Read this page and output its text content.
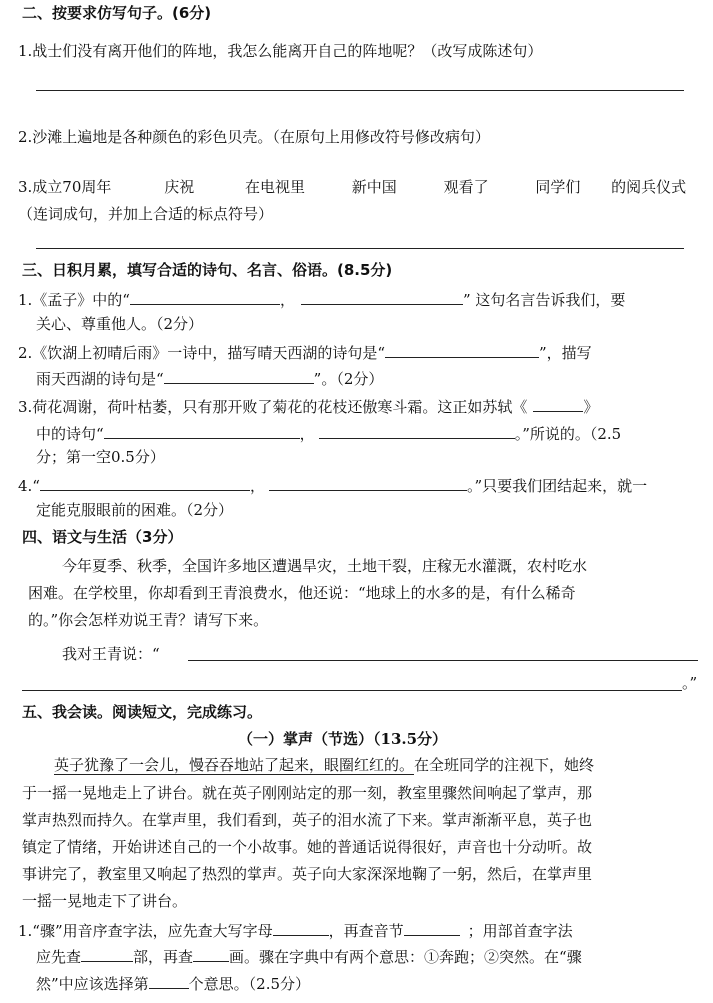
二、按要求仿写句子。(6分)
1.战士们没有离开他们的阵地，我怎么能离开自己的阵地呢？（改写成陈述句）
2.沙滩上遍地是各种颜色的彩色贝壳。（在原句上用修改符号修改病句）
3.成立70周年	庆祝	在电视里	新中国	观看了	同学们 的阅兵仪式
（连词成句，并加上合适的标点符号）
三、日积月累，填写合适的诗句、名言、俗语。(8.5分)
1.《孟子》中的“	，	” 这句名言告诉我们，要
关心、尊重他人。（2分）
2.《饮湖上初晴后雨》一诗中，描写晴天西湖的诗句是“	”，描写
雨天西湖的诗句是“	”。（2分）
3.荷花凋谢，荷叶枯萎，只有那开败了菊花的花枝还傲寒斗霜。这正如苏轼《	》
中的诗句“	，	。”所说的。（2.5
分；第一空0.5分）
4.“	，	。”只要我们团结起来，就一
定能克服眼前的困难。（2分）
四、语文与生活（3分）
今年夏季、秋季，全国许多地区遭遇旱灾，土地干裂，庄稼无水灌溉，农村吃水
困难。在学校里，你却看到王青浪费水，他还说：“地球上的水多的是，有什么稀奇
的。”你会怎样劝说王青？请写下来。
我对王青说：“
。”
五、我会读。阅读短文，完成练习。
（一）掌声（节选）（13.5分）
英子犹豫了一会儿，慢吞吞地站了起来，眼圈红红的。在全班同学的注视下，她终
于一摇一晃地走上了讲台。就在英子刚刚站定的那一刻，教室里骤然间响起了掌声，那
掌声热烈而持久。在掌声里，我们看到，英子的泪水流了下来。掌声渐渐平息，英子也
镇定了情绪，开始讲述自己的一个小故事。她的普通话说得很好，声音也十分动听。故
事讲完了，教室里又响起了热烈的掌声。英子向大家深深地鞠了一躬，然后，在掌声里
一摇一晃地走下了讲台。
1.“骤”用音序查字法，应先查大写字母	，再查音节	；用部首查字法
应先查	部，再查 画。骤在字典中有两个意思：①奔跑；②突然。在“骤
然”中应该选择第	个意思。（2.5分）
